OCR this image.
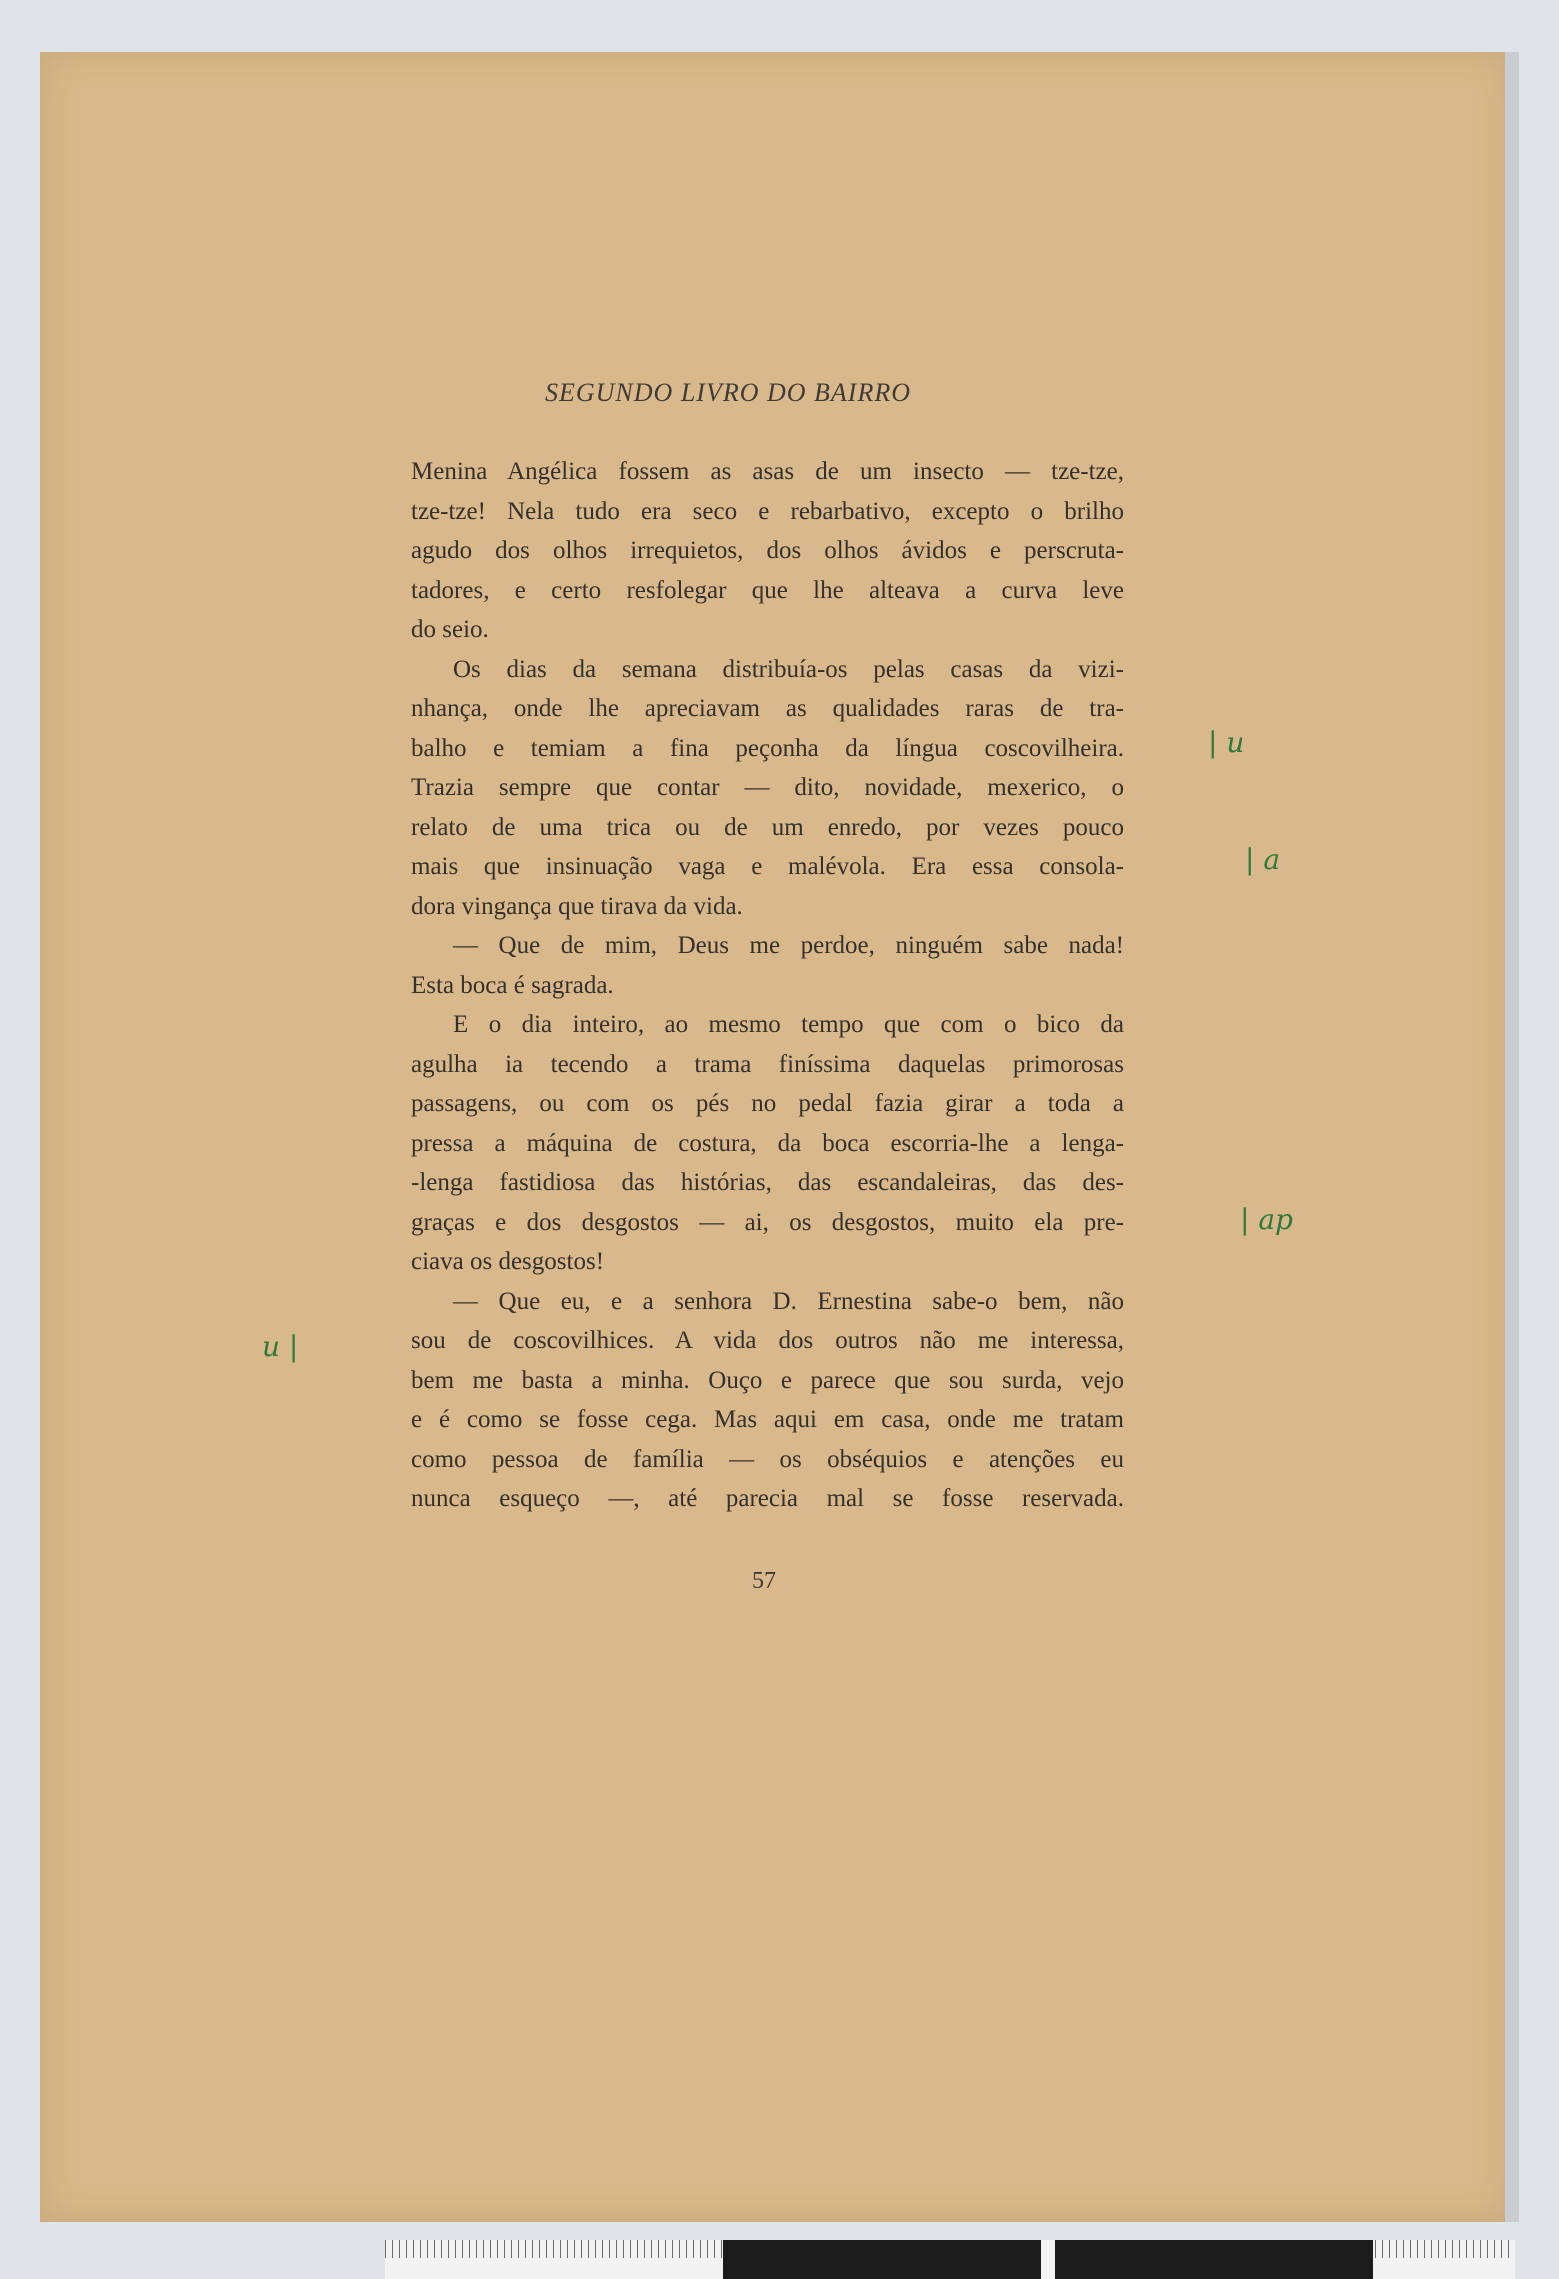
SEGUNDO LIVRO DO BAIRRO
Menina Angélica fossem as asas de um insecto — tze-tze,
tze-tze! Nela tudo era seco e rebarbativo, excepto o brilho
agudo dos olhos irrequietos, dos olhos ávidos e perscruta-
tadores, e certo resfolegar que lhe alteava a curva leve
do seio.
Os dias da semana distribuía-os pelas casas da vizi-
nhança, onde lhe apreciavam as qualidades raras de tra-
balho e temiam a fina peçonha da língua coscovilheira.
Trazia sempre que contar — dito, novidade, mexerico, o
relato de uma trica ou de um enredo, por vezes pouco
mais que insinuação vaga e malévola. Era essa consola-
dora vingança que tirava da vida.
— Que de mim, Deus me perdoe, ninguém sabe nada!
Esta boca é sagrada.
E o dia inteiro, ao mesmo tempo que com o bico da
agulha ia tecendo a trama finíssima daquelas primorosas
passagens, ou com os pés no pedal fazia girar a toda a
pressa a máquina de costura, da boca escorria-lhe a lenga-
-lenga fastidiosa das histórias, das escandaleiras, das des-
graças e dos desgostos — ai, os desgostos, muito ela pre-
ciava os desgostos!
— Que eu, e a senhora D. Ernestina sabe-o bem, não
sou de coscovilhices. A vida dos outros não me interessa,
bem me basta a minha. Ouço e parece que sou surda, vejo
e é como se fosse cega. Mas aqui em casa, onde me tratam
como pessoa de família — os obséquios e atenções eu
nunca esqueço —, até parecia mal se fosse reservada.
57
| u
| a
| ap
u |
